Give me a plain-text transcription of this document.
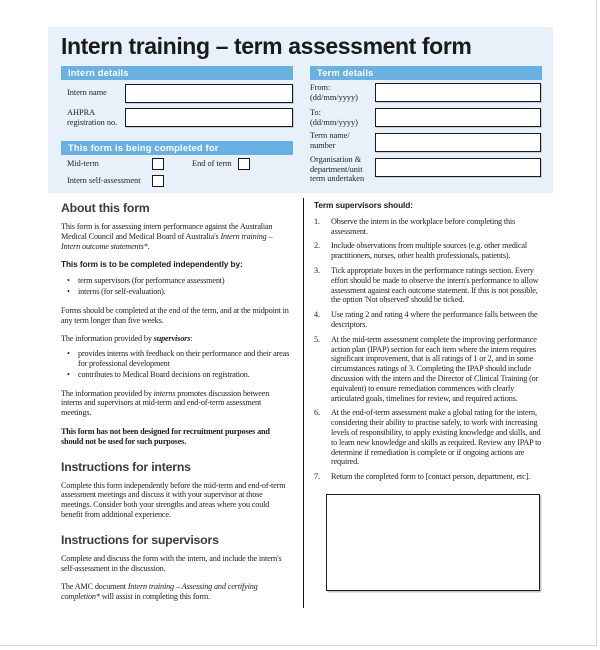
Intern training – term assessment form
Intern details
Intern name
AHPRA
registration no.
This form is being completed for
Mid-term	End of term
Intern self-assessment
Term details
From:
(dd/mm/yyyy)
To:
(dd/mm/yyyy)
Term name/
number
Organisation &
department/unit
term undertaken
About this form

This form is for assessing intern performance against the Australian Medical Council and Medical Board of Australia's Intern training – Intern outcome statements*.

This form is to be completed independently by:

• term supervisors (for performance assessment)
• interns (for self-evaluation).

Forms should be completed at the end of the term, and at the midpoint in any term longer than five weeks.

The information provided by supervisors:

• provides interns with feedback on their performance and their areas for professional development
• contributes to Medical Board decisions on registration.

The information provided by interns promotes discussion between interns and supervisors at mid-term and end-of-term assessment meetings.

This form has not been designed for recruitment purposes and should not be used for such purposes.

Instructions for interns

Complete this form independently before the mid-term and end-of-term assessment meetings and discuss it with your supervisor at those meetings. Consider both your strengths and areas where you could benefit from additional experience.

Instructions for supervisors

Complete and discuss the form with the intern, and include the intern's self-assessment in the discussion.

The AMC document Intern training – Assessing and certifying completion* will assist in completing this form.

Term supervisors should:

1.	Observe the intern in the workplace before completing this assessment.
2.	Include observations from multiple sources (e.g. other medical practitioners, nurses, other health professionals, patients).
3.	Tick appropriate boxes in the performance ratings section. Every effort should be made to observe the intern's performance to allow assessment against each outcome statement. If this is not possible, the option 'Not observed' should be ticked.
4.	Use rating 2 and rating 4 where the performance falls between the descriptors.
5.	At the mid-term assessment complete the improving performance action plan (IPAP) section for each item where the intern requires significant improvement, that is all ratings of 1 or 2, and in some circumstances ratings of 3. Completing the IPAP should include discussion with the intern and the Director of Clinical Training (or equivalent) to ensure remediation commences with clearly articulated goals, timelines for review, and required actions.
6.	At the end-of-term assessment make a global rating for the intern, considering their ability to practise safely, to work with increasing levels of responsibility, to apply existing knowledge and skills, and to learn new knowledge and skills as required. Review any IPAP to determine if remediation is complete or if ongoing actions are required.
7.	Return the completed form to [contact person, department, etc].
